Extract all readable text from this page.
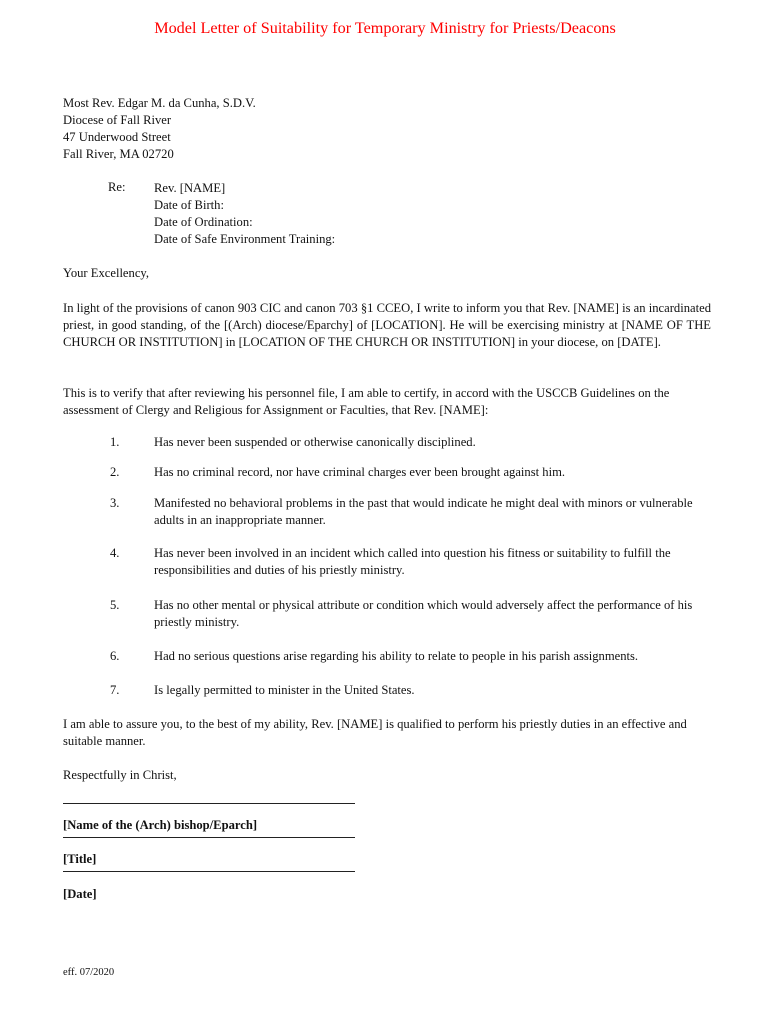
Model Letter of Suitability for Temporary Ministry for Priests/Deacons
Most Rev. Edgar M. da Cunha, S.D.V.
Diocese of Fall River
47 Underwood Street
Fall River, MA 02720
Re: Rev. [NAME]
Date of Birth:
Date of Ordination:
Date of Safe Environment Training:
Your Excellency,
In light of the provisions of canon 903 CIC and canon 703 §1 CCEO, I write to inform you that Rev. [NAME] is an incardinated priest, in good standing, of the [(Arch) diocese/Eparchy] of [LOCATION]. He will be exercising ministry at [NAME OF THE CHURCH OR INSTITUTION] in [LOCATION OF THE CHURCH OR INSTITUTION] in your diocese, on [DATE].
This is to verify that after reviewing his personnel file, I am able to certify, in accord with the USCCB Guidelines on the assessment of Clergy and Religious for Assignment or Faculties, that Rev. [NAME]:
1.	Has never been suspended or otherwise canonically disciplined.
2.	Has no criminal record, nor have criminal charges ever been brought against him.
3.	Manifested no behavioral problems in the past that would indicate he might deal with minors or vulnerable adults in an inappropriate manner.
4.	Has never been involved in an incident which called into question his fitness or suitability to fulfill the responsibilities and duties of his priestly ministry.
5.	Has no other mental or physical attribute or condition which would adversely affect the performance of his priestly ministry.
6.	Had no serious questions arise regarding his ability to relate to people in his parish assignments.
7.	Is legally permitted to minister in the United States.
I am able to assure you, to the best of my ability, Rev. [NAME] is qualified to perform his priestly duties in an effective and suitable manner.
Respectfully in Christ,
[Name of the (Arch) bishop/Eparch]
[Title]
[Date]
eff. 07/2020
